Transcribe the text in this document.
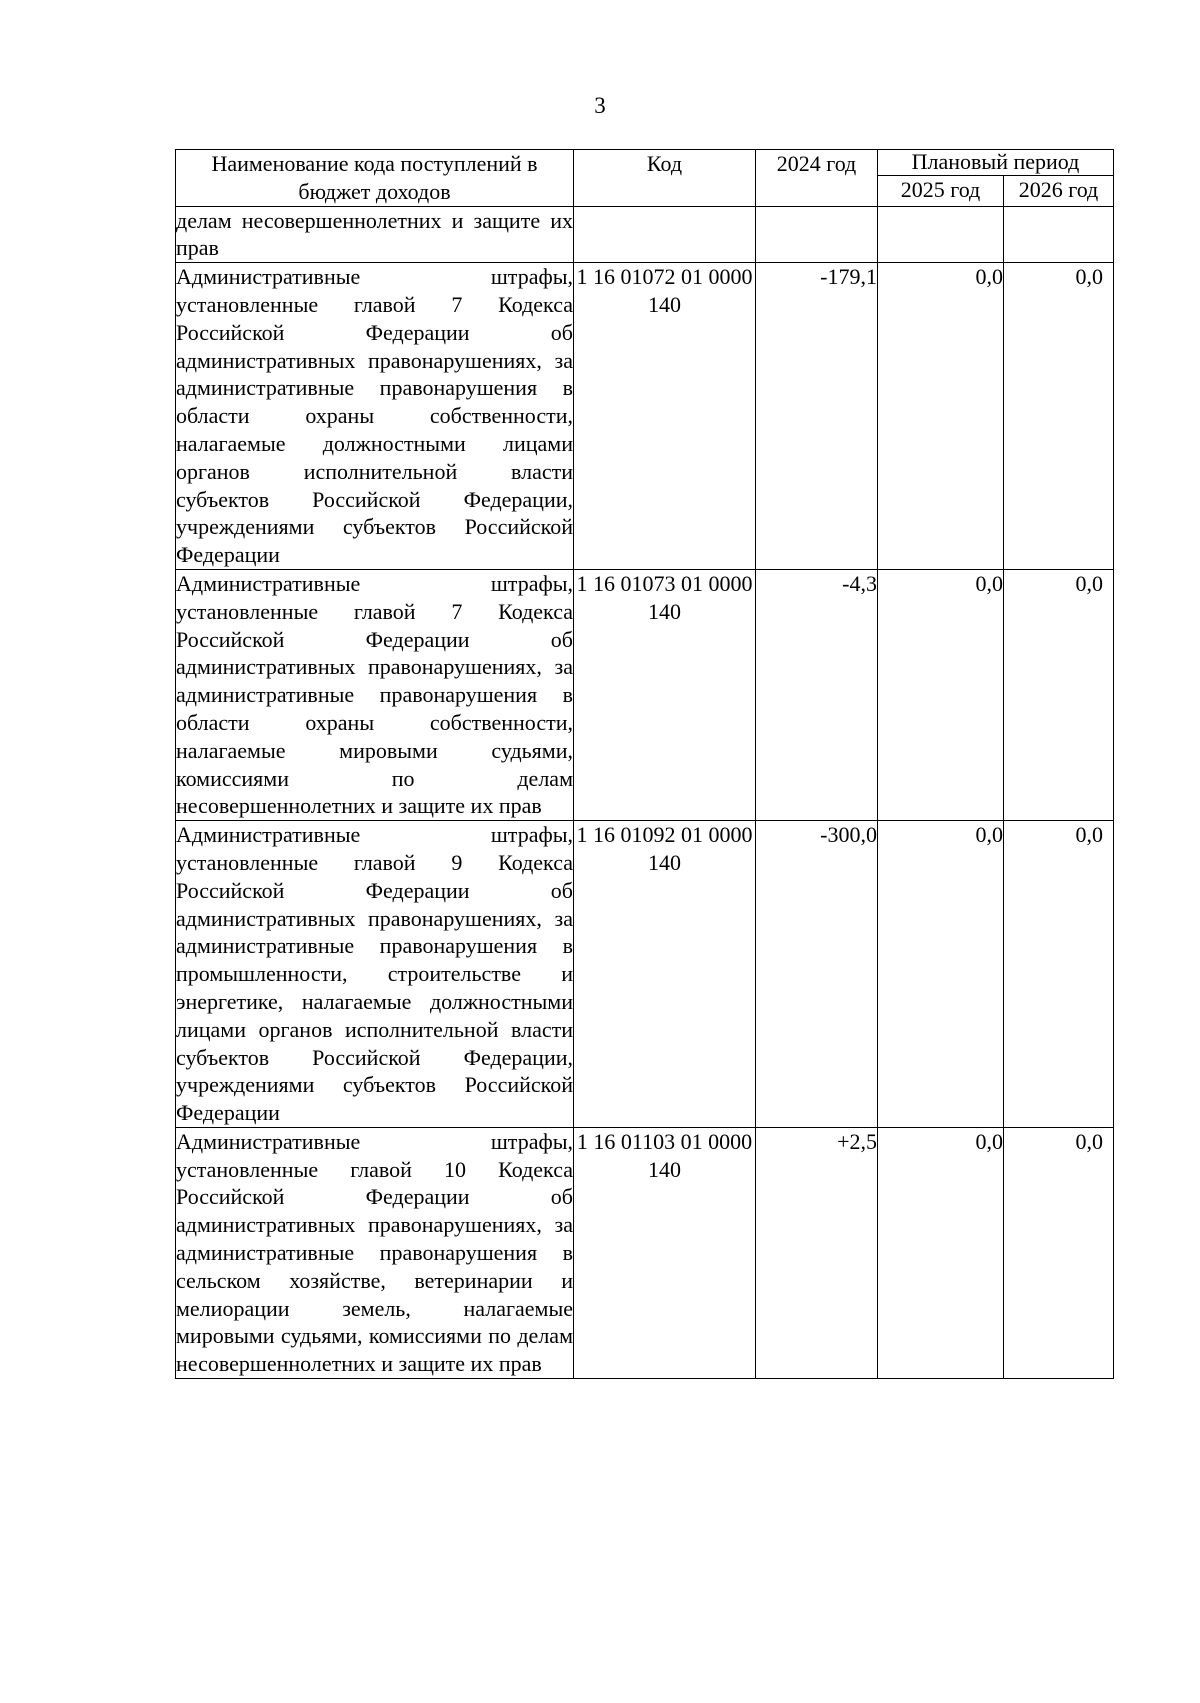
3
Наименование кода поступлений в бюджет доходов	Код	2024 год	Плановый период	
			2025 год	2026 год
делам несовершеннолетних и защите их прав				
Административные штрафы, установленные главой 7 Кодекса Российской Федерации об административных правонарушениях, за административные правонарушения в области охраны собственности, налагаемые должностными лицами органов исполнительной власти субъектов Российской Федерации, учреждениями субъектов Российской Федерации	1 16 01072 01 0000 140	-179,1	0,0	0,0
Административные штрафы, установленные главой 7 Кодекса Российской Федерации об административных правонарушениях, за административные правонарушения в области охраны собственности, налагаемые мировыми судьями, комиссиями по делам несовершеннолетних и защите их прав	1 16 01073 01 0000 140	-4,3	0,0	0,0
Административные штрафы, установленные главой 9 Кодекса Российской Федерации об административных правонарушениях, за административные правонарушения в промышленности, строительстве и энергетике, налагаемые должностными лицами органов исполнительной власти субъектов Российской Федерации, учреждениями субъектов Российской Федерации	1 16 01092 01 0000 140	-300,0	0,0	0,0
Административные штрафы, установленные главой 10 Кодекса Российской Федерации об административных правонарушениях, за административные правонарушения в сельском хозяйстве, ветеринарии и мелиорации земель, налагаемые мировыми судьями, комиссиями по делам несовершеннолетних и защите их прав	1 16 01103 01 0000 140	+2,5	0,0	0,0
